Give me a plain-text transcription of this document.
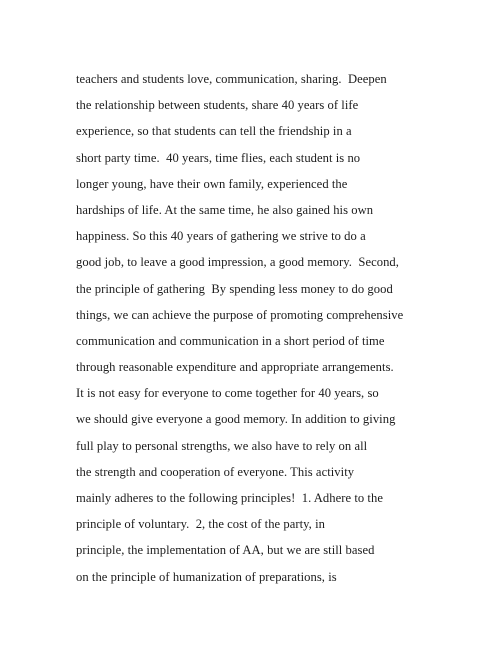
teachers and students love, communication, sharing.  Deepen
the relationship between students, share 40 years of life
experience, so that students can tell the friendship in a
short party time.  40 years, time flies, each student is no
longer young, have their own family, experienced the
hardships of life. At the same time, he also gained his own
happiness. So this 40 years of gathering we strive to do a
good job, to leave a good impression, a good memory.  Second,
the principle of gathering  By spending less money to do good
things, we can achieve the purpose of promoting comprehensive
communication and communication in a short period of time
through reasonable expenditure and appropriate arrangements.
It is not easy for everyone to come together for 40 years, so
we should give everyone a good memory. In addition to giving
full play to personal strengths, we also have to rely on all
the strength and cooperation of everyone. This activity
mainly adheres to the following principles!  1. Adhere to the
principle of voluntary.  2, the cost of the party, in
principle, the implementation of AA, but we are still based
on the principle of humanization of preparations, is
